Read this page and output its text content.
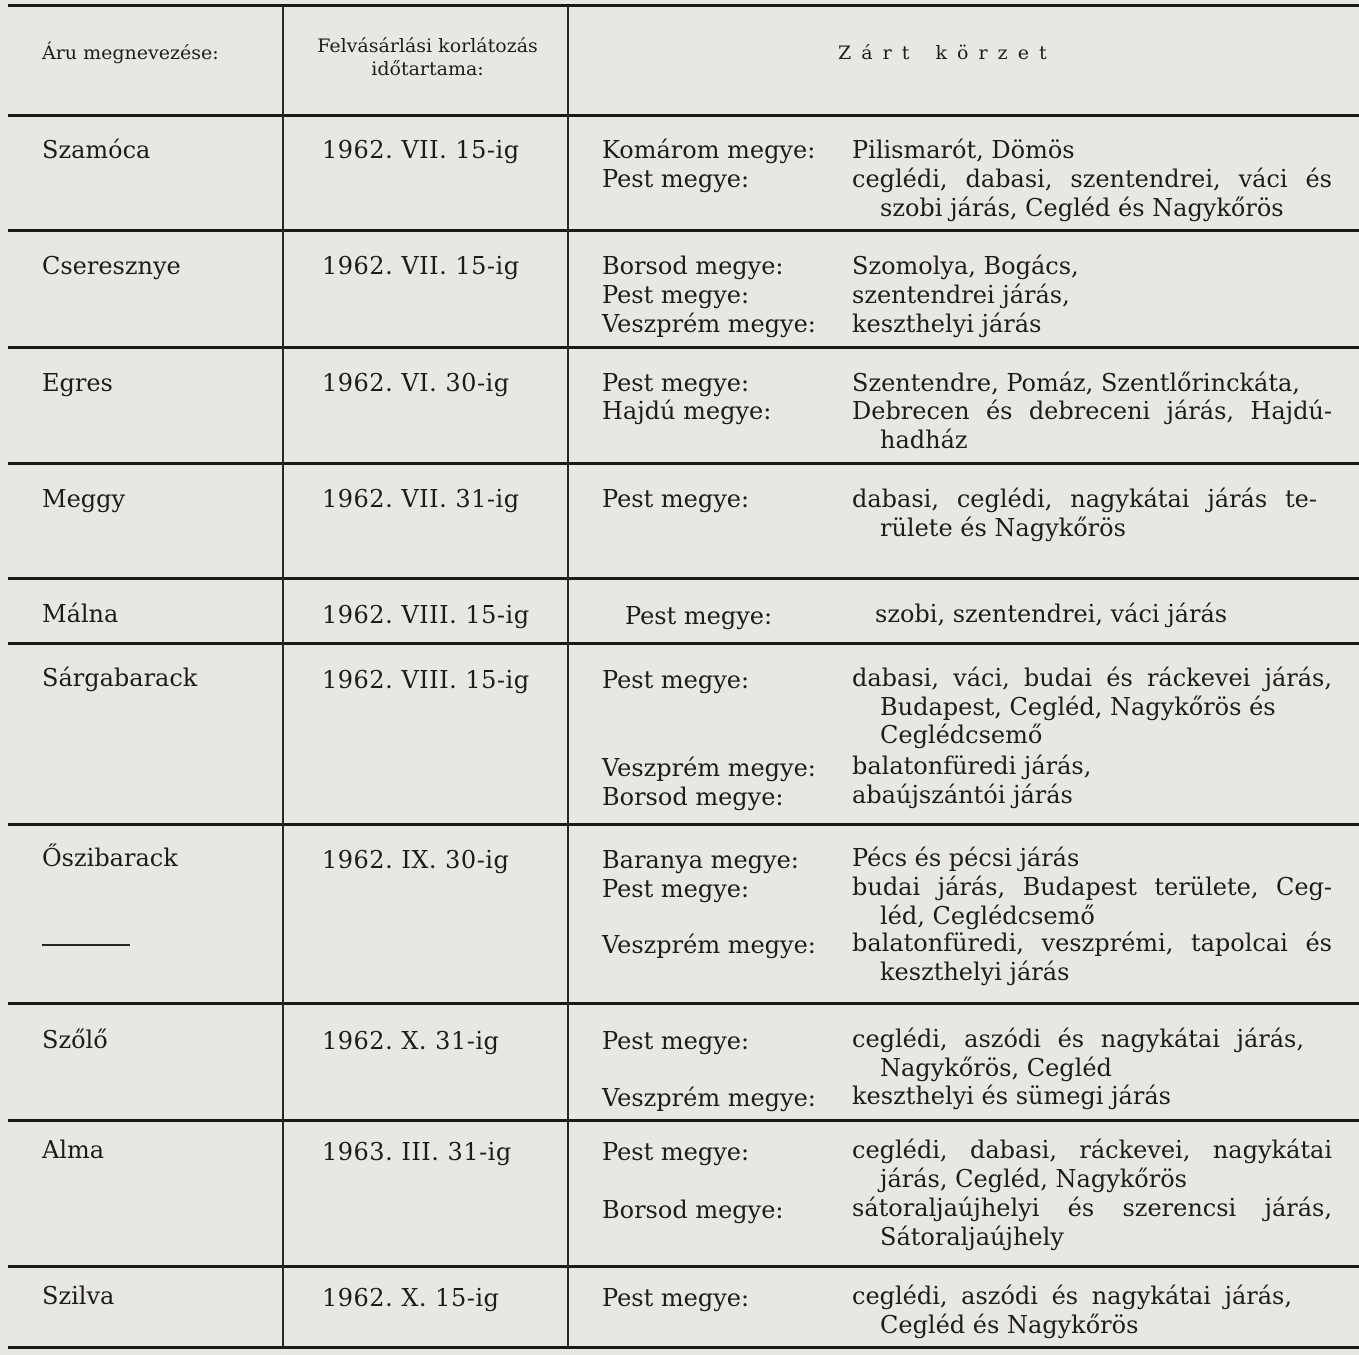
Áru megnevezése:	Felvásárlási korlátozás
időtartama:
Z á r t   k ö r z e t
Szamóca	1962. VII. 15-ig	Komárom megye: Pilismarót, Dömös
Pest megye:	ceglédi, dabasi, szentendrei, váci és
szobi járás, Cegléd és Nagykőrös
Cseresznye	1962. VII. 15-ig	Borsod megye:	Szomolya, Bogács,
Pest megye:	szentendrei járás,
Veszprém megye: keszthelyi járás
Egres	1962. VI. 30-ig	Pest megye:	Szentendre, Pomáz, Szentlőrinckáta,
Hajdú megye:	Debrecen és debreceni járás, Hajdú-
hadház
Meggy	1962. VII. 31-ig	Pest megye:	dabasi, ceglédi, nagykátai járás te-
rülete és Nagykőrös
Málna	1962. VIII. 15-ig	Pest megye:	szobi, szentendrei, váci járás
Sárgabarack	1962. VIII. 15-ig	Pest megye:	dabasi, váci, budai és ráckevei járás,
Budapest, Cegléd, Nagykőrös és
Ceglédcsemő
Veszprém megye: balatonfüredi járás,
Borsod megye:	abaújszántói járás
Őszibarack	1962. IX. 30-ig	Baranya megye: Pécs és pécsi járás
Pest megye:	budai járás, Budapest területe, Ceg-
léd, Ceglédcsemő
Veszprém megye: balatonfüredi, veszprémi, tapolcai és
keszthelyi járás
Szőlő	1962. X. 31-ig	Pest megye:	ceglédi, aszódi és nagykátai járás,
Nagykőrös, Cegléd
Veszprém megye: keszthelyi és sümegi járás
Alma	1963. III. 31-ig	Pest megye:	ceglédi, dabasi, ráckevei, nagykátai
járás, Cegléd, Nagykőrös
Borsod megye:	sátoraljaújhelyi és szerencsi járás,
Sátoraljaújhely
Szilva	1962. X. 15-ig	Pest megye:	ceglédi, aszódi és nagykátai járás,
Cegléd és Nagykőrös
